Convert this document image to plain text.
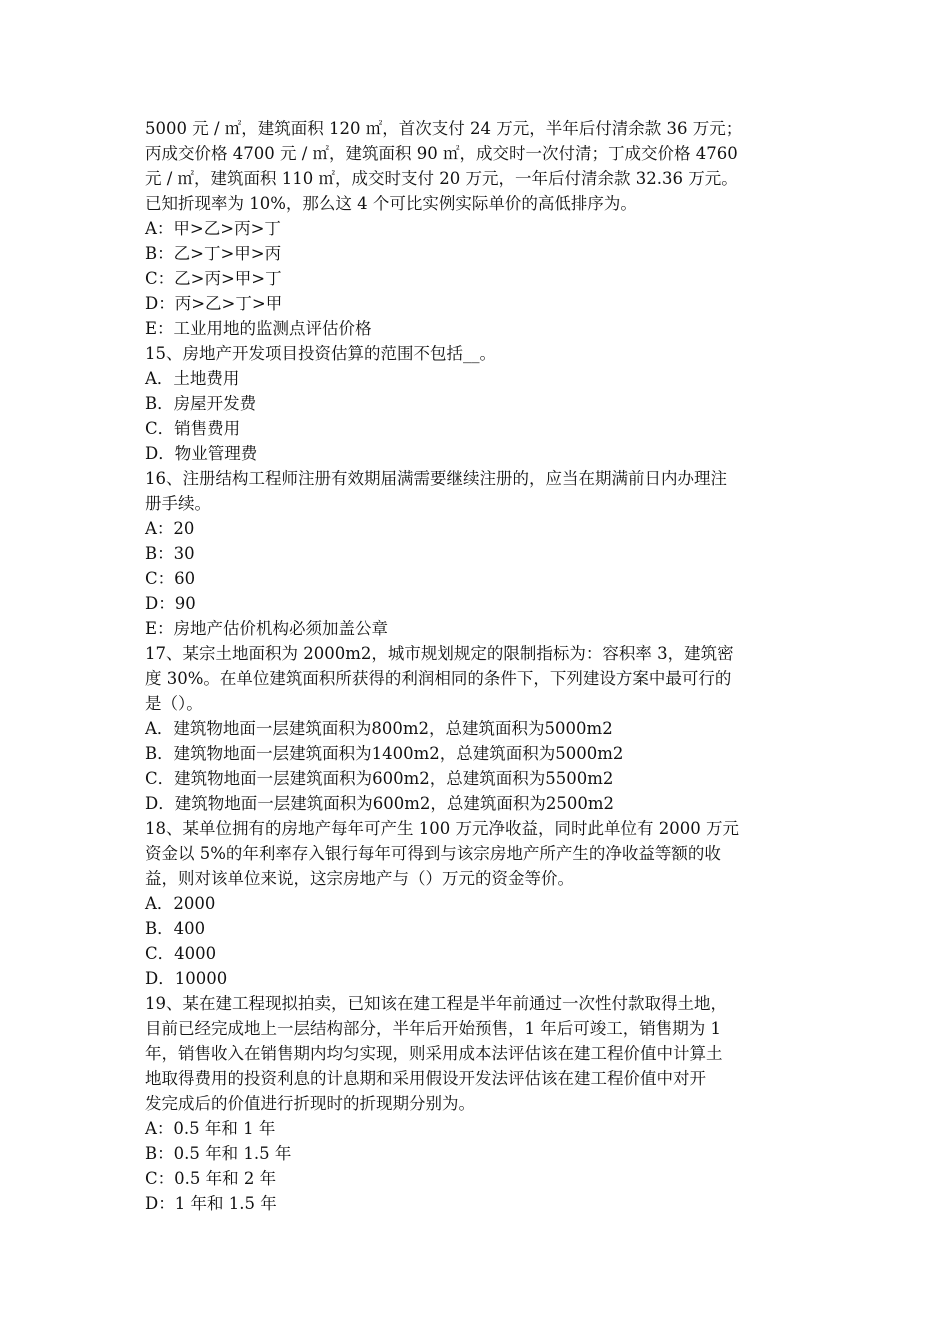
5000 元 / ㎡，建筑面积 120 ㎡，首次支付 24 万元，半年后付清余款 36 万元；
丙成交价格 4700 元 / ㎡，建筑面积 90 ㎡，成交时一次付清；丁成交价格 4760
元 / ㎡，建筑面积 110 ㎡，成交时支付 20 万元，一年后付清余款 32.36 万元。
已知折现率为 10%，那么这 4 个可比实例实际单价的高低排序为。
A：甲>乙>丙>丁
B：乙>丁>甲>丙
C：乙>丙>甲>丁
D：丙>乙>丁>甲
E：工业用地的监测点评估价格
15、房地产开发项目投资估算的范围不包括__。
A．土地费用
B．房屋开发费
C．销售费用
D．物业管理费
16、注册结构工程师注册有效期届满需要继续注册的，应当在期满前日内办理注
册手续。
A：20
B：30
C：60
D：90
E：房地产估价机构必须加盖公章
17、某宗土地面积为 2000m2，城市规划规定的限制指标为：容积率 3，建筑密
度 30%。在单位建筑面积所获得的利润相同的条件下，下列建设方案中最可行的
是（）。
A．建筑物地面一层建筑面积为800m2，总建筑面积为5000m2
B．建筑物地面一层建筑面积为1400m2，总建筑面积为5000m2
C．建筑物地面一层建筑面积为600m2，总建筑面积为5500m2
D．建筑物地面一层建筑面积为600m2，总建筑面积为2500m2
18、某单位拥有的房地产每年可产生 100 万元净收益，同时此单位有 2000 万元
资金以 5%的年利率存入银行每年可得到与该宗房地产所产生的净收益等额的收
益，则对该单位来说，这宗房地产与（）万元的资金等价。
A．2000
B．400
C．4000
D．10000
19、某在建工程现拟拍卖，已知该在建工程是半年前通过一次性付款取得土地，
目前已经完成地上一层结构部分，半年后开始预售，1 年后可竣工，销售期为 1
年，销售收入在销售期内均匀实现，则采用成本法评估该在建工程价值中计算土
地取得费用的投资利息的计息期和采用假设开发法评估该在建工程价值中对开
发完成后的价值进行折现时的折现期分别为。
A：0.5 年和 1 年
B：0.5 年和 1.5 年
C：0.5 年和 2 年
D：1 年和 1.5 年
